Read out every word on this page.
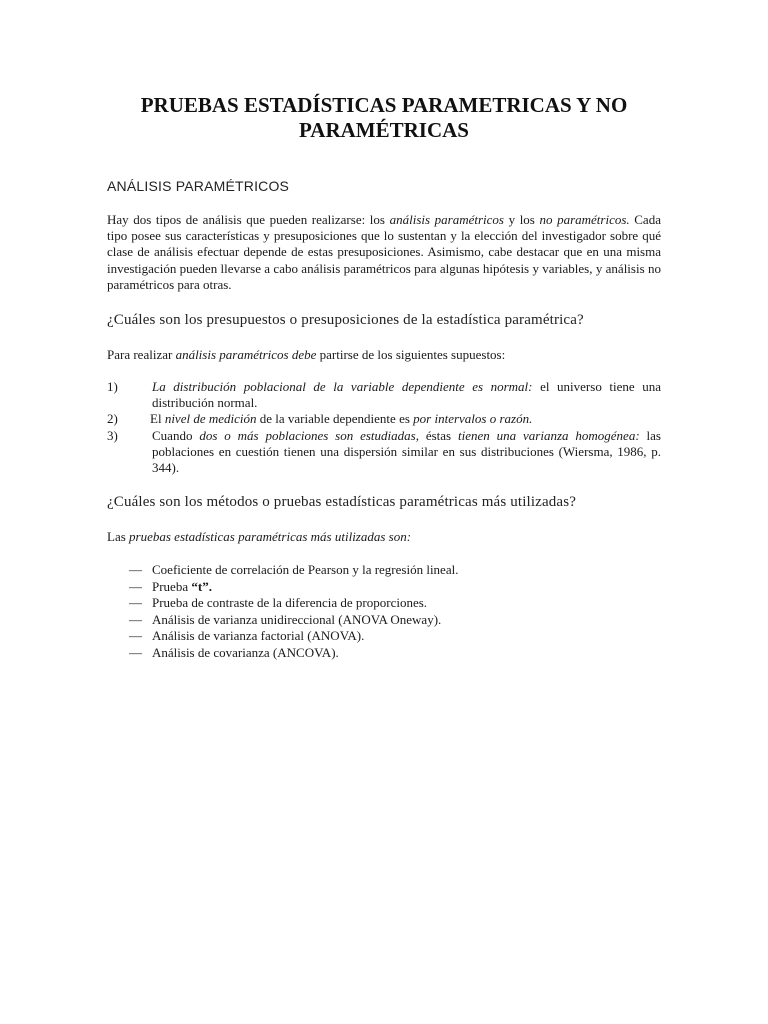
PRUEBAS ESTADÍSTICAS PARAMETRICAS Y NO
PARAMÉTRICAS
ANÁLISIS PARAMÉTRICOS

Hay dos tipos de análisis que pueden realizarse: los análisis paramétricos y los no paramétricos. Cada tipo posee sus características y presuposiciones que lo sustentan y la elección del investigador sobre qué clase de análisis efectuar depende de estas presuposiciones. Asimismo, cabe destacar que en una misma investigación pueden llevarse a cabo análisis paramétricos para algunas hipótesis y variables, y análisis no paramétricos para otras.

¿Cuáles son los presupuestos o presuposiciones de la estadística paramétrica?
Para realizar análisis paramétricos debe partirse de los siguientes supuestos:
1)	La distribución poblacional de la variable dependiente es normal: el universo tiene una distribución normal.
2) El nivel de medición de la variable dependiente es por intervalos o razón.
3)	Cuando dos o más poblaciones son estudiadas, éstas tienen una varianza homogénea: las poblaciones en cuestión tienen una dispersión similar en sus distribuciones (Wiersma, 1986, p. 344).
¿Cuáles son los métodos o pruebas estadísticas paramétricas más utilizadas?
Las pruebas estadísticas paramétricas más utilizadas son:
— Coeficiente de correlación de Pearson y la regresión lineal.
— Prueba “t”.
— Prueba de contraste de la diferencia de proporciones.
— Análisis de varianza unidireccional (ANOVA Oneway).
— Análisis de varianza factorial (ANOVA).
— Análisis de covarianza (ANCOVA).
